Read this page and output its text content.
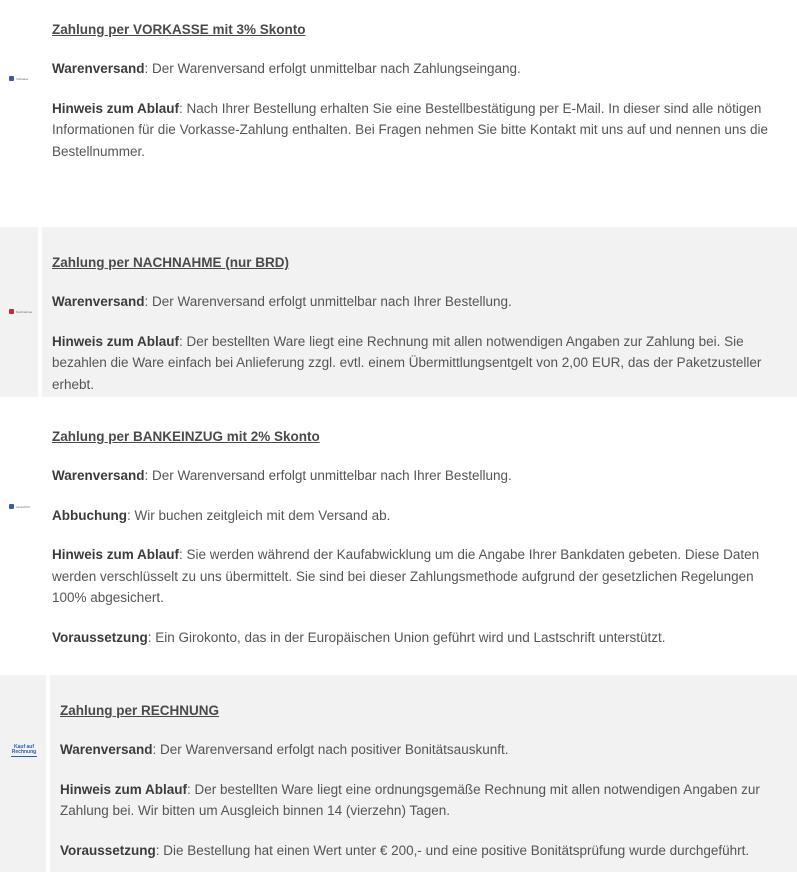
Vorkasse

Zahlung per VORKASSE mit 3% Skonto

Warenversand: Der Warenversand erfolgt unmittelbar nach Zahlungseingang.

Hinweis zum Ablauf: Nach Ihrer Bestellung erhalten Sie eine Bestellbestätigung per E-Mail. In dieser sind alle nötigen Informationen für die Vorkasse-Zahlung enthalten. Bei Fragen nehmen Sie bitte Kontakt mit uns auf und nennen uns die Bestellnummer.

Nachnahme

Zahlung per NACHNAHME (nur BRD)

Warenversand: Der Warenversand erfolgt unmittelbar nach Ihrer Bestellung.

Hinweis zum Ablauf: Der bestellten Ware liegt eine Rechnung mit allen notwendigen Angaben zur Zahlung bei. Sie bezahlen die Ware einfach bei Anlieferung zzgl. evtl. einem Übermittlungsentgelt von 2,00 EUR, das der Paketzusteller erhebt.

Lastschrift

Zahlung per BANKEINZUG mit 2% Skonto

Warenversand: Der Warenversand erfolgt unmittelbar nach Ihrer Bestellung.

Abbuchung: Wir buchen zeitgleich mit dem Versand ab.

Hinweis zum Ablauf: Sie werden während der Kaufabwicklung um die Angabe Ihrer Bankdaten gebeten. Diese Daten werden verschlüsselt zu uns übermittelt. Sie sind bei dieser Zahlungsmethode aufgrund der gesetzlichen Regelungen 100% abgesichert.

Voraussetzung: Ein Girokonto, das in der Europäischen Union geführt wird und Lastschrift unterstützt.

Kauf auf Rechnung

Zahlung per RECHNUNG

Warenversand: Der Warenversand erfolgt nach positiver Bonitätsauskunft.

Hinweis zum Ablauf: Der bestellten Ware liegt eine ordnungsgemäße Rechnung mit allen notwendigen Angaben zur Zahlung bei. Wir bitten um Ausgleich binnen 14 (vierzehn) Tagen.

Voraussetzung: Die Bestellung hat einen Wert unter € 200,- und eine positive Bonitätsprüfung wurde durchgeführt.
